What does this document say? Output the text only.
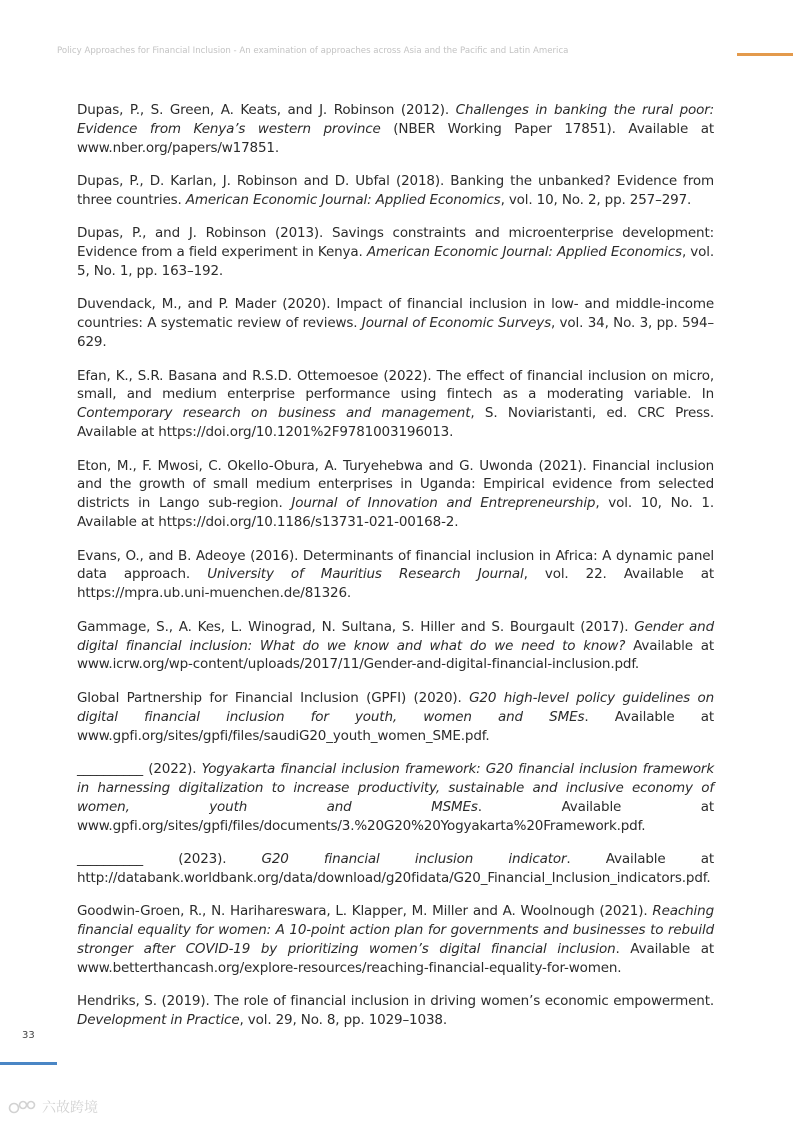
Policy Approaches for Financial Inclusion - An examination of approaches across Asia and the Pacific and Latin America
Dupas, P., S. Green, A. Keats, and J. Robinson (2012). Challenges in banking the rural poor: Evidence from Kenya’s western province (NBER Working Paper 17851). Available at www.nber.org/papers/w17851.
Dupas, P., D. Karlan, J. Robinson and D. Ubfal (2018). Banking the unbanked? Evidence from three countries. American Economic Journal: Applied Economics, vol. 10, No. 2, pp. 257–297.
Dupas, P., and J. Robinson (2013). Savings constraints and microenterprise development: Evidence from a field experiment in Kenya. American Economic Journal: Applied Economics, vol. 5, No. 1, pp. 163–192.
Duvendack, M., and P. Mader (2020). Impact of financial inclusion in low- and middle-income countries: A systematic review of reviews. Journal of Economic Surveys, vol. 34, No. 3, pp. 594–629.
Efan, K., S.R. Basana and R.S.D. Ottemoesoe (2022). The effect of financial inclusion on micro, small, and medium enterprise performance using fintech as a moderating variable. In Contemporary research on business and management, S. Noviaristanti, ed. CRC Press. Available at https://doi.org/10.1201%2F9781003196013.
Eton, M., F. Mwosi, C. Okello-Obura, A. Turyehebwa and G. Uwonda (2021). Financial inclusion and the growth of small medium enterprises in Uganda: Empirical evidence from selected districts in Lango sub-region. Journal of Innovation and Entrepreneurship, vol. 10, No. 1. Available at https://doi.org/10.1186/s13731-021-00168-2.
Evans, O., and B. Adeoye (2016). Determinants of financial inclusion in Africa: A dynamic panel data approach. University of Mauritius Research Journal, vol. 22. Available at https://mpra.ub.uni-muenchen.de/81326.
Gammage, S., A. Kes, L. Winograd, N. Sultana, S. Hiller and S. Bourgault (2017). Gender and digital financial inclusion: What do we know and what do we need to know? Available at www.icrw.org/wp-content/uploads/2017/11/Gender-and-digital-financial-inclusion.pdf.
Global Partnership for Financial Inclusion (GPFI) (2020). G20 high-level policy guidelines on digital financial inclusion for youth, women and SMEs. Available at www.gpfi.org/sites/gpfi/files/saudiG20_youth_women_SME.pdf.
__________ (2022). Yogyakarta financial inclusion framework: G20 financial inclusion framework in harnessing digitalization to increase productivity, sustainable and inclusive economy of women, youth and MSMEs. Available at www.gpfi.org/sites/gpfi/files/documents/3.%20G20%20Yogyakarta%20Framework.pdf.
__________ (2023). G20 financial inclusion indicator. Available at http://databank.worldbank.org/data/download/g20fidata/G20_Financial_Inclusion_indicators.pdf.
Goodwin-Groen, R., N. Harihareswara, L. Klapper, M. Miller and A. Woolnough (2021). Reaching financial equality for women: A 10-point action plan for governments and businesses to rebuild stronger after COVID-19 by prioritizing women’s digital financial inclusion. Available at www.betterthancash.org/explore-resources/reaching-financial-equality-for-women.
Hendriks, S. (2019). The role of financial inclusion in driving women’s economic empowerment. Development in Practice, vol. 29, No. 8, pp. 1029–1038.
33
六故跨境
